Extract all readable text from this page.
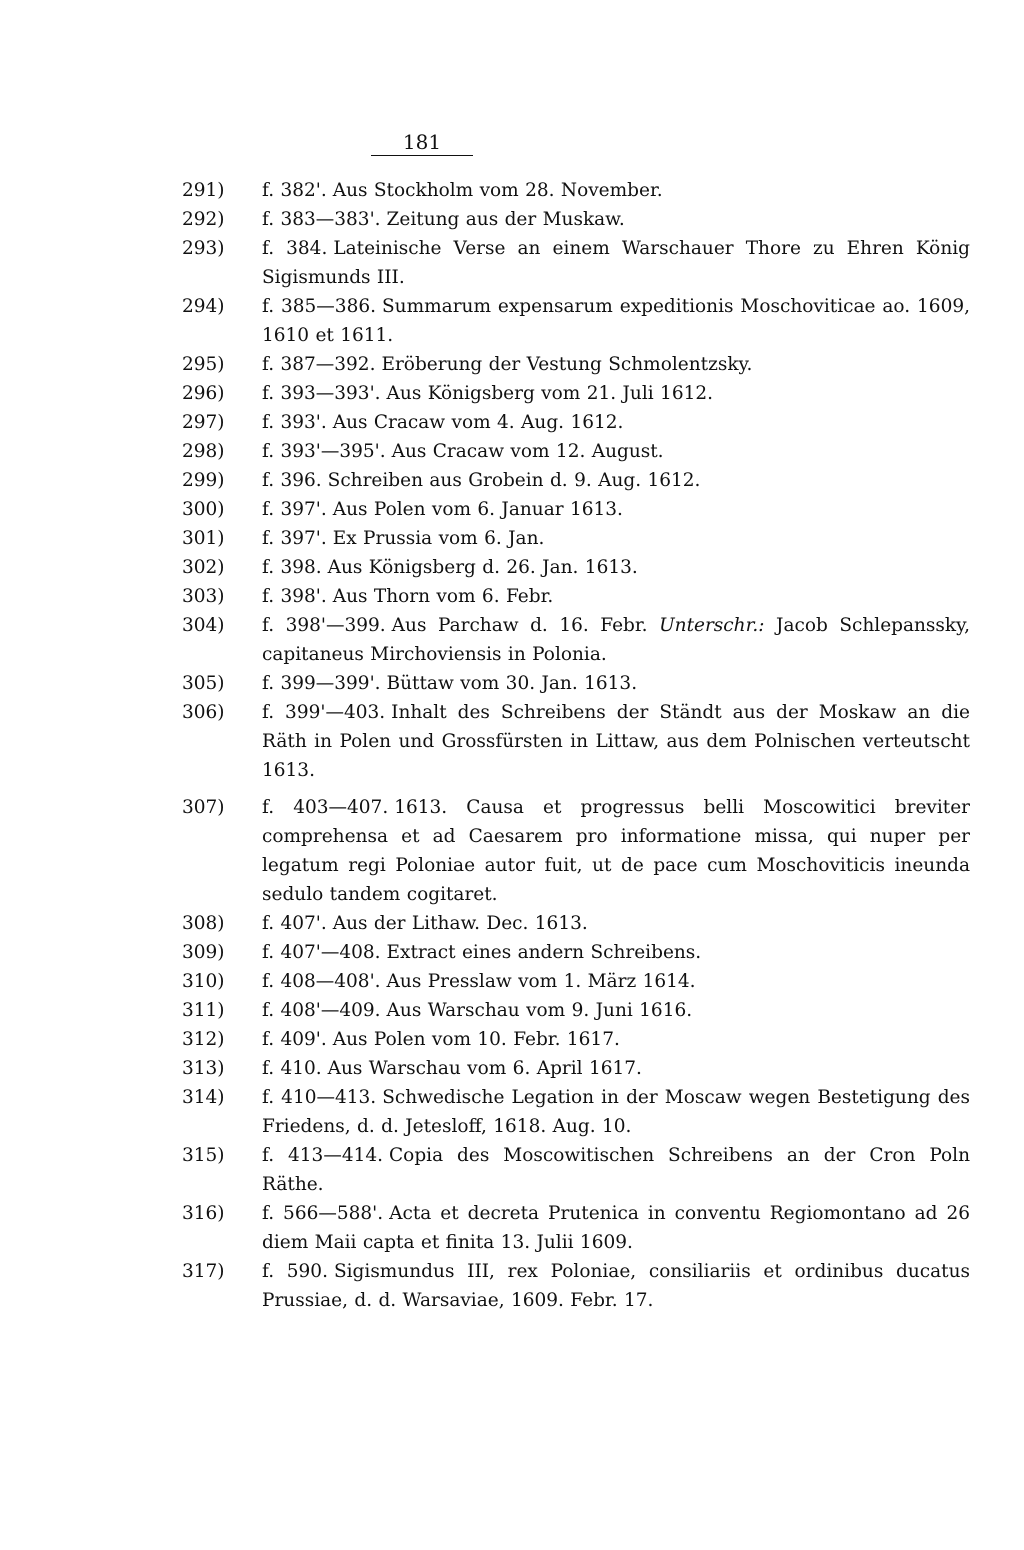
181
291)	f. 382'. Aus Stockholm vom 28. November.
292)	f. 383—383'. Zeitung aus der Muskaw.
293)	f. 384. Lateinische Verse an einem Warschauer Thore zu Ehren König Sigismunds III.
294)	f. 385—386. Summarum expensarum expeditionis Moschoviticae ao. 1609, 1610 et 1611.
295)	f. 387—392. Eröberung der Vestung Schmolentzsky.
296)	f. 393—393'. Aus Königsberg vom 21. Juli 1612.
297)	f. 393'. Aus Cracaw vom 4. Aug. 1612.
298)	f. 393'—395'. Aus Cracaw vom 12. August.
299)	f. 396. Schreiben aus Grobein d. 9. Aug. 1612.
300)	f. 397'. Aus Polen vom 6. Januar 1613.
301)	f. 397'. Ex Prussia vom 6. Jan.
302)	f. 398. Aus Königsberg d. 26. Jan. 1613.
303)	f. 398'. Aus Thorn vom 6. Febr.
304)	f. 398'—399. Aus Parchaw d. 16. Febr. Unterschr.: Jacob Schlepanssky, capitaneus Mirchoviensis in Polonia.
305)	f. 399—399'. Büttaw vom 30. Jan. 1613.
306)	f. 399'—403. Inhalt des Schreibens der Ständt aus der Moskaw an die Räth in Polen und Grossfürsten in Littaw, aus dem Polnischen verteutscht 1613.
307)	f. 403—407. 1613. Causa et progressus belli Moscowitici breviter comprehensa et ad Caesarem pro informatione missa, qui nuper per legatum regi Poloniae autor fuit, ut de pace cum Moschoviticis ineunda sedulo tandem cogitaret.
308)	f. 407'. Aus der Lithaw. Dec. 1613.
309)	f. 407'—408. Extract eines andern Schreibens.
310)	f. 408—408'. Aus Presslaw vom 1. März 1614.
311)	f. 408'—409. Aus Warschau vom 9. Juni 1616.
312)	f. 409'. Aus Polen vom 10. Febr. 1617.
313)	f. 410. Aus Warschau vom 6. April 1617.
314)	f. 410—413. Schwedische Legation in der Moscaw wegen Bestetigung des Friedens, d. d. Jetesloff, 1618. Aug. 10.
315)	f. 413—414. Copia des Moscowitischen Schreibens an der Cron Poln Räthe.
316)	f. 566—588'. Acta et decreta Prutenica in conventu Regiomontano ad 26 diem Maii capta et finita 13. Julii 1609.
317)	f. 590. Sigismundus III, rex Poloniae, consiliariis et ordinibus ducatus Prussiae, d. d. Warsaviae, 1609. Febr. 17.
